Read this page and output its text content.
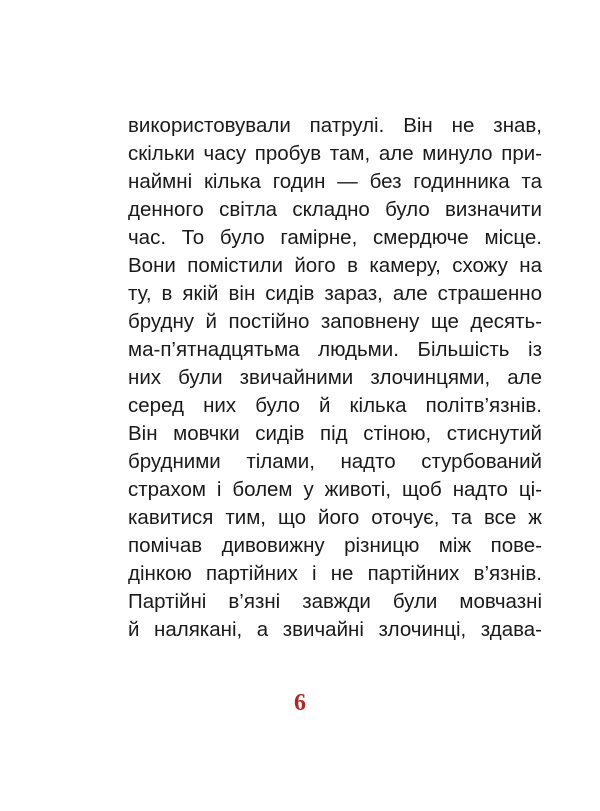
використовували патрулі. Він не знав,
скільки часу пробув там, але минуло при-
наймні кілька годин — без годинника та
денного світла складно було визначити
час. То було гамірне, смердюче місце.
Вони помістили його в камеру, схожу на
ту, в якій він сидів зараз, але страшенно
брудну й постійно заповнену ще десять-
ма-п’ятнадцятьма людьми. Більшість із
них були звичайними злочинцями, але
серед них було й кілька політв’язнів.
Він мовчки сидів під стіною, стиснутий
брудними тілами, надто стурбований
страхом і болем у животі, щоб надто ці-
кавитися тим, що його оточує, та все ж
помічав дивовижну різницю між пове-
дінкою партійних і не партійних в’язнів.
Партійні в’язні завжди були мовчазні
й налякані, а звичайні злочинці, здава-
6
